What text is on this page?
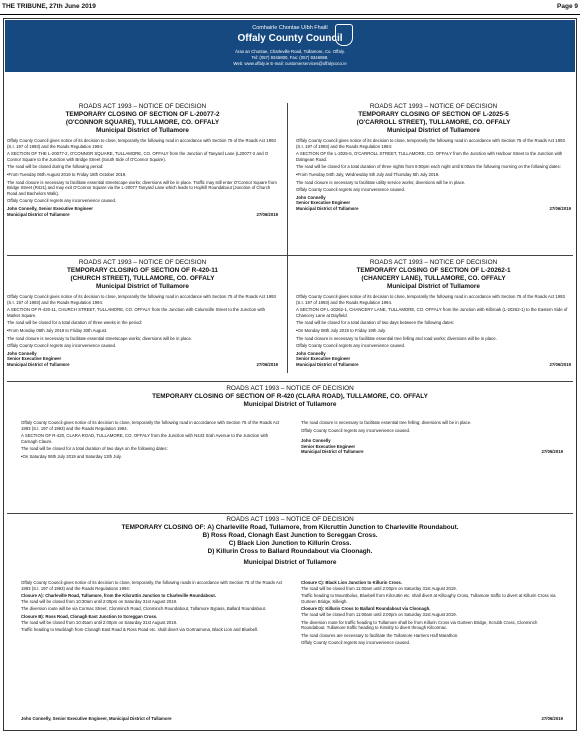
THE TRIBUNE, 27th June 2019	Page 9
Comhairle Chontae Uíbh Fhailí
Offaly County Council
Áras an Chontae, Charleville Road, Tullamore, Co. Offaly.
Tel: (057) 9346800, Fax: (057) 9346868.
Web: www.offaly.ie E-mail: customerservices@offalycoco.ie
ROADS ACT 1993 – NOTICE OF DECISION
TEMPORARY CLOSING OF SECTION OF L-20077-2
(O'CONNOR SQUARE), TULLAMORE, CO. OFFALY
Municipal District of Tullamore

Offaly County Council gives notice of its decision to close, temporarily the following road in accordance with Section 75 of the Roads Act 1993 (S.I. 197 of 1993) and the Roads Regulation 1994:

A SECTION OF THE L-20077-2, O'CONNOR SQUARE, TULLAMORE, CO. OFFALY from the Junction of Tanyard Lane (L20077-2 and O Connor Square to the Junction with Bridge Street (South Side of O'Connor Square).

The road will be closed during the following period:

• From Tuesday 06th August 2019 to Friday 18th October 2019.

The road closure is necessary to facilitate essential streetscape works; diversions will be in place. Traffic may still enter O'Connor Square from Bridge Street (R421) and may exit O'Connor Square via the L-20077 Tanyard Lane which leads to Hophill Roundabout (Junction of Church Road and Bachelors Walk).

Offaly County Council regrets any inconvenience caused.

John Connelly, Senior Executive Engineer
Municipal District of Tullamore	27/06/2019
ROADS ACT 1993 – NOTICE OF DECISION
TEMPORARY CLOSING OF SECTION OF L-2025-5
(O'CARROLL STREET), TULLAMORE, CO. OFFALY
Municipal District of Tullamore

Offaly County Council gives notice of its decision to close, temporarily the following road in accordance with Section 75 of the Roads Act 1993 (S.I. 197 of 1993) and the Roads Regulation 1994:

A SECTION OF the L-2025-5, O'CARROLL STREET, TULLAMORE, CO. OFFALY from the Junction with Harbour Street to the Junction with Dalngean Road.

The road will be closed for a total duration of three nights from 8:00pm each night until 6:00am the following morning on the following dates:

• From Tuesday 04th July, Wednesday 5th July and Thursday 6th July 2019.

The road closure is necessary to facilitate utility service works; diversions will be in place.

Offaly County Council regrets any inconvenience caused.

John Connelly
Senior Executive Engineer
Municipal District of Tullamore	27/06/2019
ROADS ACT 1993 – NOTICE OF DECISION
TEMPORARY CLOSING OF SECTION OF R-420-11
(CHURCH STREET), TULLAMORE, CO. OFFALY
Municipal District of Tullamore

Offaly County Council gives notice of its decision to close, temporarily the following road in accordance with Section 75 of the Roads Act 1993 (S.I. 197 of 1993) and the Roads Regulation 1994.

A SECTION OF R-420-11, CHURCH STREET, TULLAMORE, CO. OFFALY from the Junction with Columcille Street to the Junction with Market Square.

The road will be closed for a total duration of three weeks in the period:

• From Monday 08th July 2019 to Friday 30th August.

The road closure is necessary to facilitate essential streetscape works; diversions will be in place.

Offaly County Council regrets any inconvenience caused.

John Connelly
Senior Executive Engineer
Municipal District of Tullamore	27/06/2019
ROADS ACT 1993 – NOTICE OF DECISION
TEMPORARY CLOSING OF SECTION OF L-20262-1
(CHANCERY LANE), TULLAMORE, CO. OFFALY
Municipal District of Tullamore

Offaly County Council gives notice of its decision to close, temporarily the following road in accordance with Section 75 of the Roads Act 1993 (S.I. 197 of 1993) and the Roads Regulation 1994.

A SECTION OF L-20262-1, CHANCERY LANE, TULLAMORE, CO. OFFALY from the Junction with Kilbroak (L-20262-1) to the Eastern Side of Chancery Lane at Dayfield.

The road will be closed for a total duration of two days between the following dates:

• On Monday 08th July 2019 to Friday 19th July.

The road closure is necessary to facilitate essential tree felling and road works; diversions will be in place.

Offaly County Council regrets any inconvenience caused.

John Connelly
Senior Executive Engineer
Municipal District of Tullamore	27/06/2019
ROADS ACT 1993 – NOTICE OF DECISION
TEMPORARY CLOSING OF SECTION OF R-420 (CLARA ROAD), TULLAMORE, CO. OFFALY
Municipal District of Tullamore

Offaly County Council gives notice of its decision to close, temporarily the following road in accordance with Section 75 of the Roads Act 1993 (S.I. 197 of 1993) and the Roads Regulation 1994.

A SECTION OF R-420, CLARA ROAD, TULLAMORE, CO. OFFALY from the Junction with N443 Srah Avenue to the Junction with Carnagh Claure.

The road will be closed for a total duration of two days on the following dates:

• On Saturday 06th July 2019 and Saturday 13th July.

The road closure is necessary to facilitate essential tree felling; diversions will be in place.

Offaly County Council regrets any inconvenience caused.

John Connelly
Senior Executive Engineer
Municipal District of Tullamore	27/06/2019
ROADS ACT 1993 – NOTICE OF DECISION
TEMPORARY CLOSING OF: A) Charleville Road, Tullamore, from Kilcruttin Junction to Charleville Roundabout.
B) Ross Road, Clonagh East Junction to Screggan Cross.
C) Black Lion Junction to Killurin Cross.
D) Killurin Cross to Ballard Roundabout via Cloonagh.
Municipal District of Tullamore

Offaly County Council gives notice of its decision to close, temporarily, the following roads in accordance with Section 75 of the Roads Act 1993 (S.I. 197 of 1993) and the Roads Regulations 1994:

Closure A): Charleville Road, Tullamore, from the Kilcruttin Junction to Charleville Roundabout.

The road will be closed from 10:30am until 2:00pm on Saturday 31st August 2019.

The diversion route will be via Cormac Street, Clonminch Road, Clonminch Roundabout, Tullamore Bypass, Ballard Roundabout.

Closure B): Ross Road, Clonagh East Junction to Screggan Cross.

The road will be closed from 10:45am until 2:00pm on Saturday 31st August 2019.

Traffic heading to Mucklagh from Clonagh East Road & Ross Road etc. shall divert via Gortnamona, Black Lion and Bluebell.

Closure C): Black Lion Junction to Killurin Cross.

The road will be closed from 11:00am until 2:00pm on Saturday 31st August 2019.

Traffic heading to Mountbolus, Bluebell from Kilcruttin etc. shall divert at Killoughy Cross, Tullamore traffic to divert at Killurin Cross via Gurteen Bridge, Killeigh.

Closure D): Killurin Cross to Ballard Roundabout via Cloonagh.

The road will be closed from 11:00am until 2:00pm on Saturday 31st August 2019.

The diversion route for traffic heading to Tullamore shall be from Killurin Cross via Gurteen Bridge, Scrubb Cross, Clonminch Roundabout. Tullamore traffic heading to Kinnitty to divert through Kilcormac.

The road closures are necessary to facilitate the Tullamore Harriers Half Marathon.

Offaly County Council regrets any inconvenience caused.

John Connelly, Senior Executive Engineer, Municipal District of Tullamore	27/06/2019
